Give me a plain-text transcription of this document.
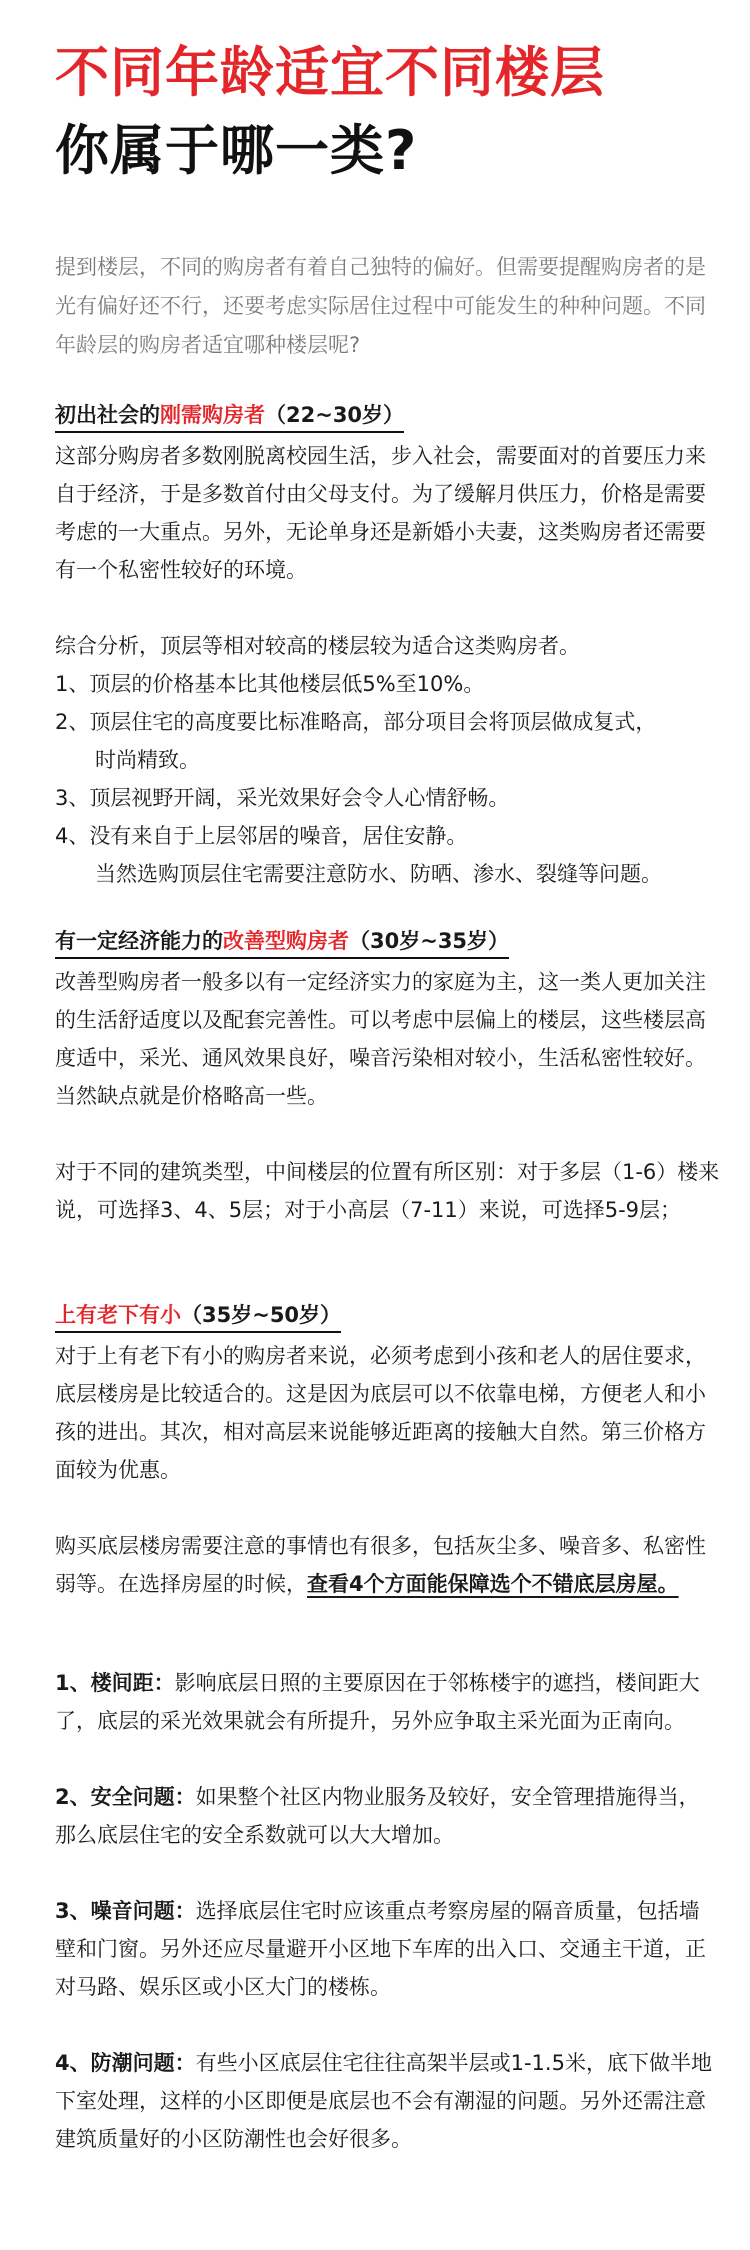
不同年龄适宜不同楼层
你属于哪一类?

提到楼层，不同的购房者有着自己独特的偏好。但需要提醒购房者的是光有偏好还不行，还要考虑实际居住过程中可能发生的种种问题。不同年龄层的购房者适宜哪种楼层呢?

初出社会的刚需购房者（22~30岁）

这部分购房者多数刚脱离校园生活，步入社会，需要面对的首要压力来自于经济，于是多数首付由父母支付。为了缓解月供压力，价格是需要考虑的一大重点。另外，无论单身还是新婚小夫妻，这类购房者还需要有一个私密性较好的环境。

综合分析，顶层等相对较高的楼层较为适合这类购房者。

1、顶层的价格基本比其他楼层低5%至10%。

2、顶层住宅的高度要比标准略高，部分项目会将顶层做成复式，

时尚精致。

3、顶层视野开阔，采光效果好会令人心情舒畅。

4、没有来自于上层邻居的噪音，居住安静。

当然选购顶层住宅需要注意防水、防晒、渗水、裂缝等问题。

有一定经济能力的改善型购房者（30岁~35岁）

改善型购房者一般多以有一定经济实力的家庭为主，这一类人更加关注的生活舒适度以及配套完善性。可以考虑中层偏上的楼层，这些楼层高度适中，采光、通风效果良好，噪音污染相对较小，生活私密性较好。当然缺点就是价格略高一些。

对于不同的建筑类型，中间楼层的位置有所区别：对于多层（1-6）楼来说，可选择3、4、5层；对于小高层（7-11）来说，可选择5-9层；

上有老下有小（35岁~50岁）

对于上有老下有小的购房者来说，必须考虑到小孩和老人的居住要求，底层楼房是比较适合的。这是因为底层可以不依靠电梯，方便老人和小孩的进出。其次，相对高层来说能够近距离的接触大自然。第三价格方面较为优惠。

购买底层楼房需要注意的事情也有很多，包括灰尘多、噪音多、私密性弱等。在选择房屋的时候，查看4个方面能保障选个不错底层房屋。

1、楼间距：影响底层日照的主要原因在于邻栋楼宇的遮挡，楼间距大了，底层的采光效果就会有所提升，另外应争取主采光面为正南向。

2、安全问题：如果整个社区内物业服务及较好，安全管理措施得当，那么底层住宅的安全系数就可以大大增加。

3、噪音问题：选择底层住宅时应该重点考察房屋的隔音质量，包括墙壁和门窗。另外还应尽量避开小区地下车库的出入口、交通主干道，正对马路、娱乐区或小区大门的楼栋。

4、防潮问题：有些小区底层住宅往往高架半层或1-1.5米，底下做半地下室处理，这样的小区即便是底层也不会有潮湿的问题。另外还需注意建筑质量好的小区防潮性也会好很多。
